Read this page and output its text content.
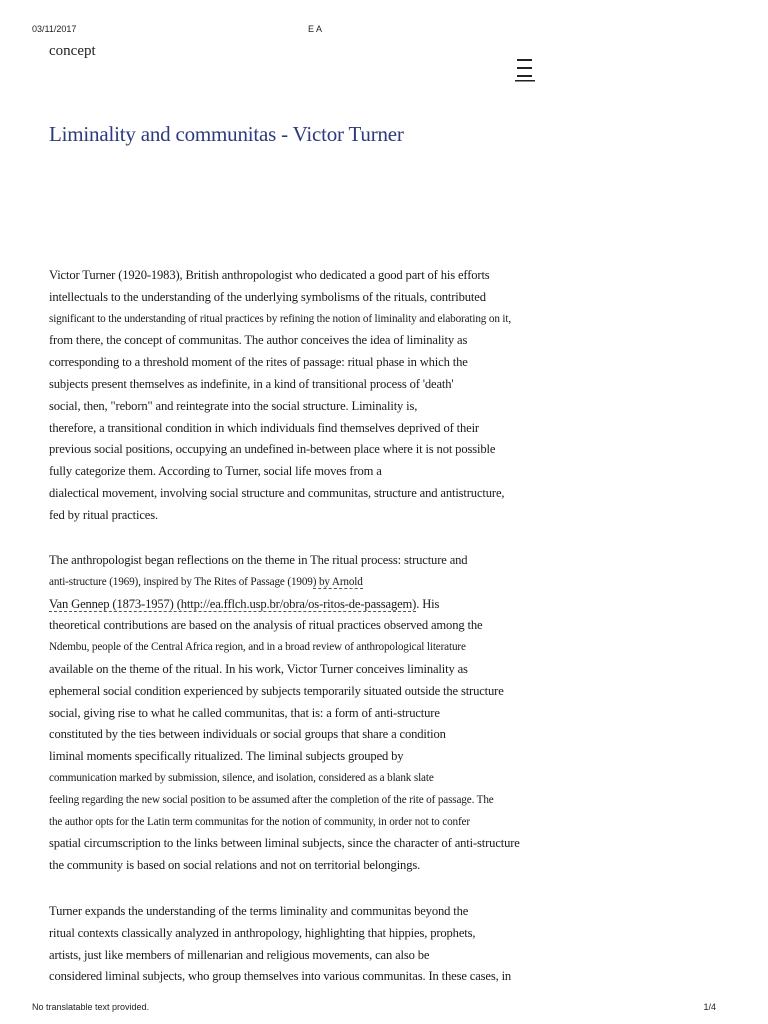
03/11/2017	E A
concept
Liminality and communitas - Victor Turner

Victor Turner (1920-1983), British anthropologist who dedicated a good part of his efforts
intellectuals to the understanding of the underlying symbolisms of the rituals, contributed
significant to the understanding of ritual practices by refining the notion of liminality and elaborating on it,
from there, the concept of communitas. The author conceives the idea of liminality as
corresponding to a threshold moment of the rites of passage: ritual phase in which the
subjects present themselves as indefinite, in a kind of transitional process of 'death'
social, then, "reborn" and reintegrate into the social structure. Liminality is,
therefore, a transitional condition in which individuals find themselves deprived of their
previous social positions, occupying an undefined in-between place where it is not possible
fully categorize them. According to Turner, social life moves from a
dialectical movement, involving social structure and communitas, structure and antistructure,
fed by ritual practices.

The anthropologist began reflections on the theme in The ritual process: structure and
anti-structure (1969), inspired by The Rites of Passage (1909) by Arnold
Van Gennep (1873-1957) (http://ea.fflch.usp.br/obra/os-ritos-de-passagem). His
theoretical contributions are based on the analysis of ritual practices observed among the
Ndembu, people of the Central Africa region, and in a broad review of anthropological literature
available on the theme of the ritual. In his work, Victor Turner conceives liminality as
ephemeral social condition experienced by subjects temporarily situated outside the structure
social, giving rise to what he called communitas, that is: a form of anti-structure
constituted by the ties between individuals or social groups that share a condition
liminal moments specifically ritualized. The liminal subjects grouped by
communication marked by submission, silence, and isolation, considered as a blank slate
feeling regarding the new social position to be assumed after the completion of the rite of passage. The
the author opts for the Latin term communitas for the notion of community, in order not to confer
spatial circumscription to the links between liminal subjects, since the character of anti-structure
the community is based on social relations and not on territorial belongings.

Turner expands the understanding of the terms liminality and communitas beyond the
ritual contexts classically analyzed in anthropology, highlighting that hippies, prophets,
artists, just like members of millenarian and religious movements, can also be
considered liminal subjects, who group themselves into various communitas. In these cases, in

No translatable text provided.	1/4
